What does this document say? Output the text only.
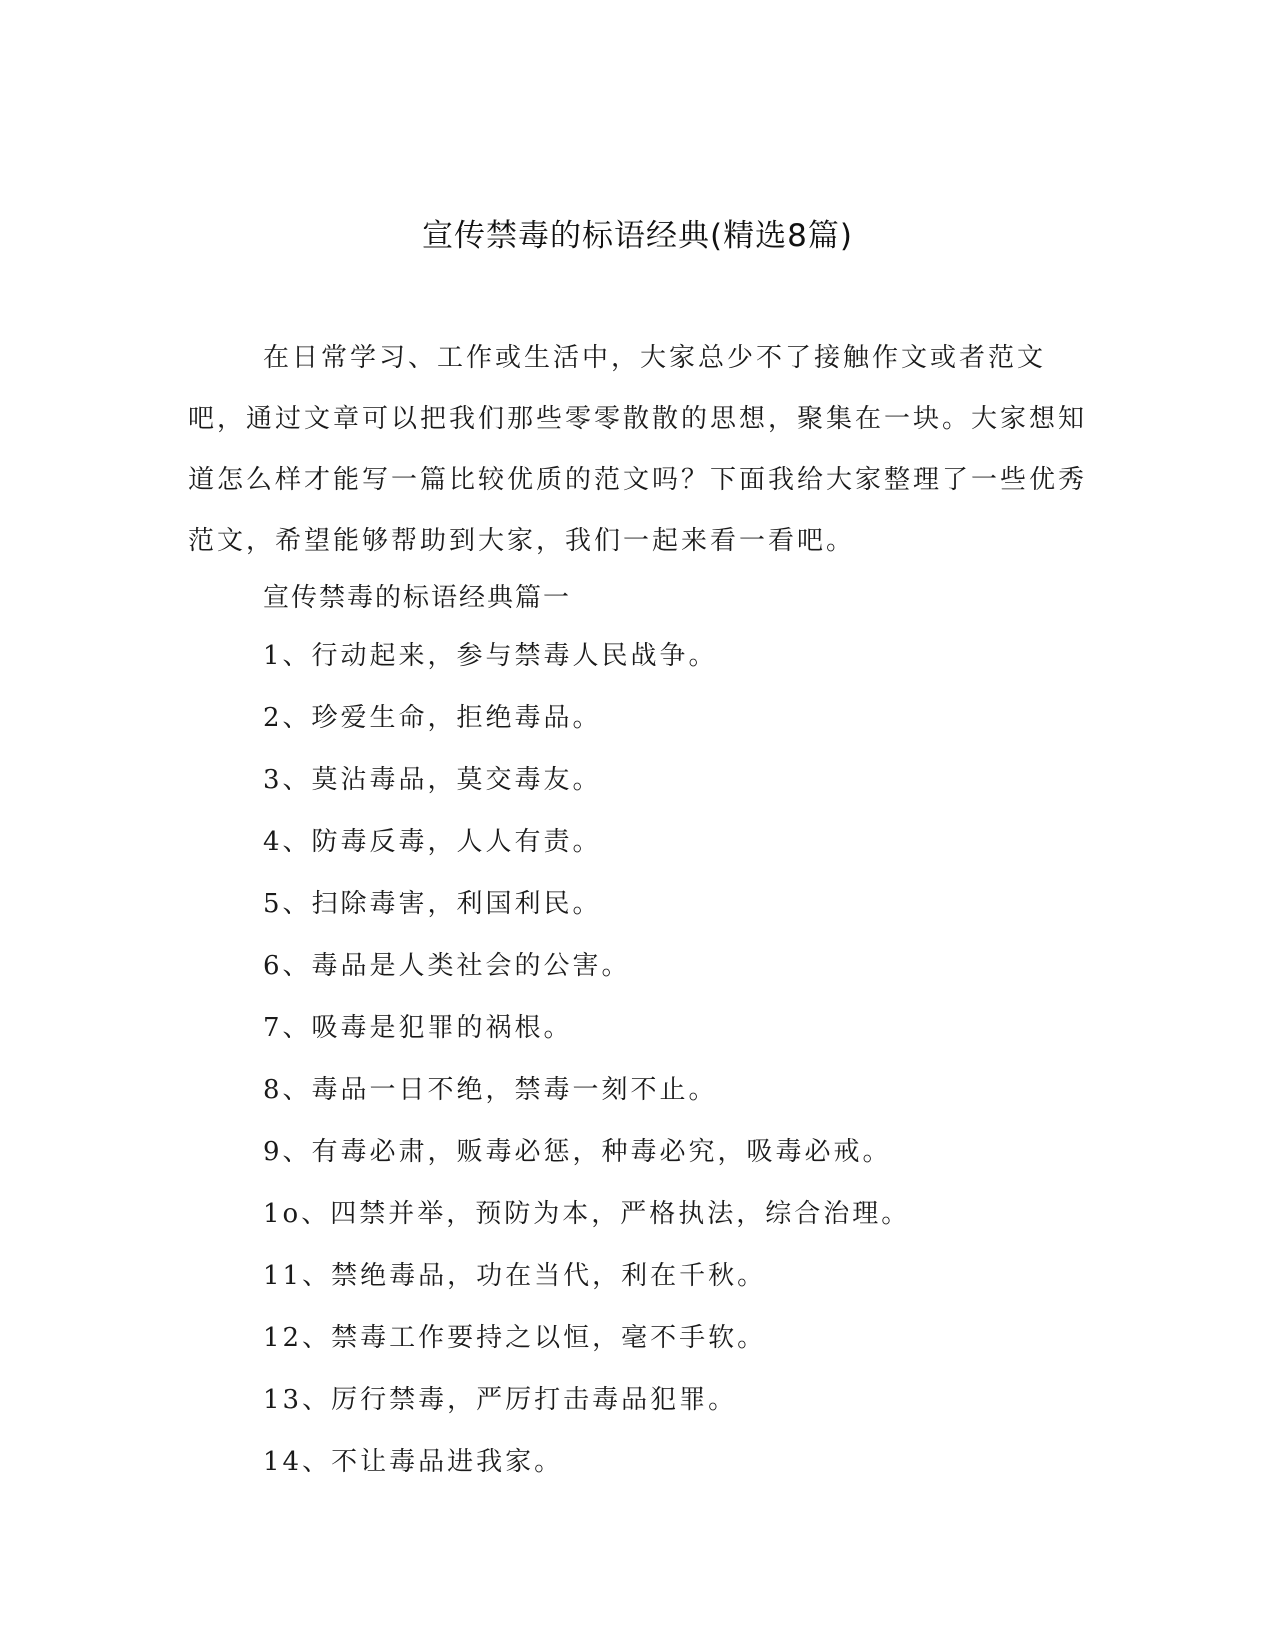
宣传禁毒的标语经典(精选8篇)

在日常学习、工作或生活中，大家总少不了接触作文或者范文吧，通过文章可以把我们那些零零散散的思想，聚集在一块。大家想知道怎么样才能写一篇比较优质的范文吗？下面我给大家整理了一些优秀范文，希望能够帮助到大家，我们一起来看一看吧。

宣传禁毒的标语经典篇一

1、行动起来，参与禁毒人民战争。
2、珍爱生命，拒绝毒品。
3、莫沾毒品，莫交毒友。
4、防毒反毒，人人有责。
5、扫除毒害，利国利民。
6、毒品是人类社会的公害。
7、吸毒是犯罪的祸根。
8、毒品一日不绝，禁毒一刻不止。
9、有毒必肃，贩毒必惩，种毒必究，吸毒必戒。
1o、四禁并举，预防为本，严格执法，综合治理。
11、禁绝毒品，功在当代，利在千秋。
12、禁毒工作要持之以恒，毫不手软。
13、厉行禁毒，严厉打击毒品犯罪。
14、不让毒品进我家。
